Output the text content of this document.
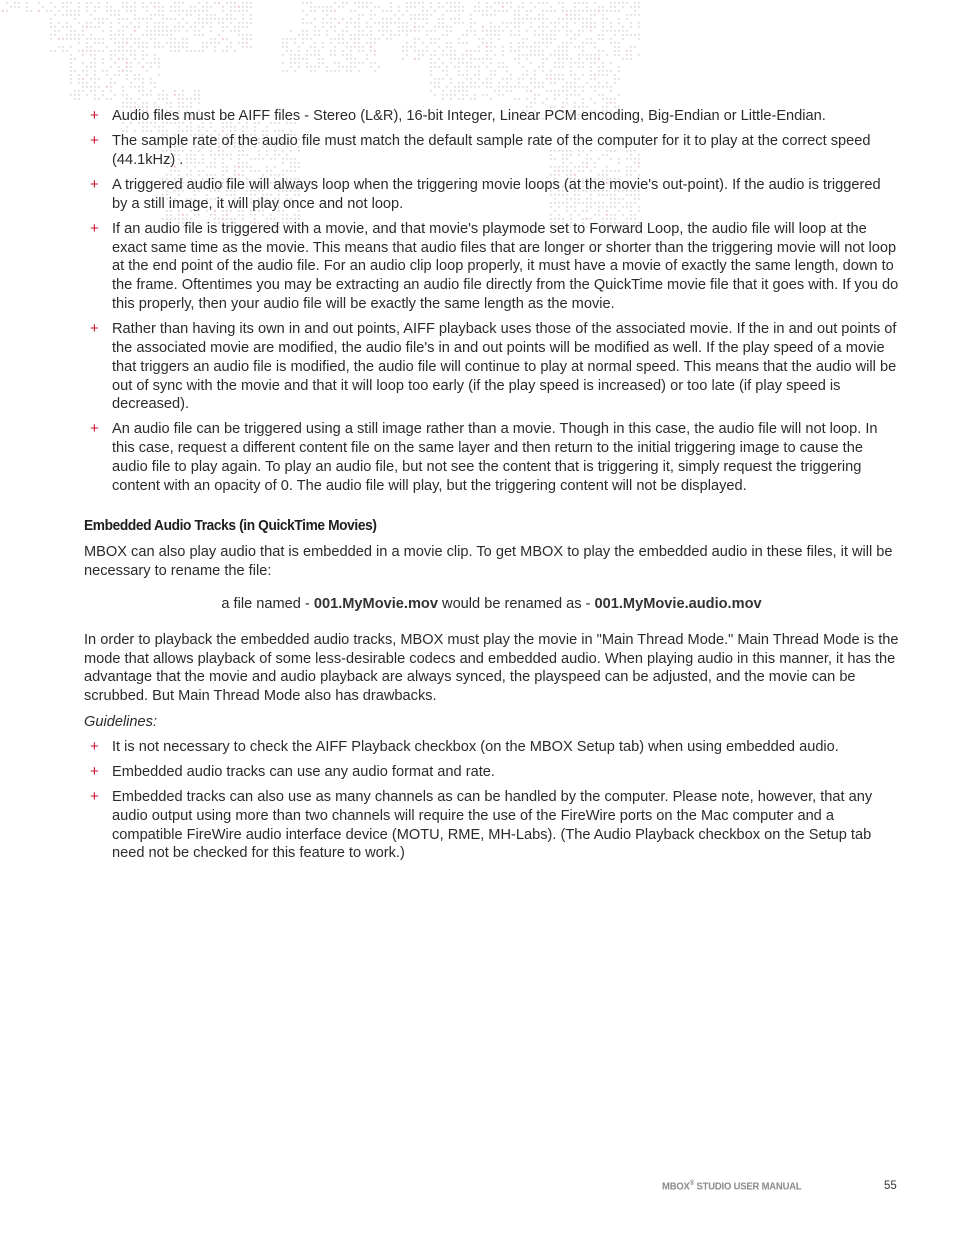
+ Audio files must be AIFF files - Stereo (L&R), 16-bit Integer, Linear PCM encoding, Big-Endian or Little-Endian.
+ The sample rate of the audio file must match the default sample rate of the computer for it to play at the correct speed (44.1kHz) .
+ A triggered audio file will always loop when the triggering movie loops (at the movie's out-point). If the audio is triggered by a still image, it will play once and not loop.
+ If an audio file is triggered with a movie, and that movie's playmode set to Forward Loop, the audio file will loop at the exact same time as the movie. This means that audio files that are longer or shorter than the triggering movie will not loop at the end point of the audio file. For an audio clip loop properly, it must have a movie of exactly the same length, down to the frame. Oftentimes you may be extracting an audio file directly from the QuickTime movie file that it goes with. If you do this properly, then your audio file will be exactly the same length as the movie.
+ Rather than having its own in and out points, AIFF playback uses those of the associated movie. If the in and out points of the associated movie are modified, the audio file's in and out points will be modified as well. If the play speed of a movie that triggers an audio file is modified, the audio file will continue to play at normal speed. This means that the audio will be out of sync with the movie and that it will loop too early (if the play speed is increased) or too late (if play speed is decreased).
+ An audio file can be triggered using a still image rather than a movie. Though in this case, the audio file will not loop. In this case, request a different content file on the same layer and then return to the initial triggering image to cause the audio file to play again. To play an audio file, but not see the content that is triggering it, simply request the triggering content with an opacity of 0. The audio file will play, but the triggering content will not be displayed.
Embedded Audio Tracks (in QuickTime Movies)

MBOX can also play audio that is embedded in a movie clip. To get MBOX to play the embedded audio in these files, it will be necessary to rename the file:

a file named - 001.MyMovie.mov would be renamed as - 001.MyMovie.audio.mov

In order to playback the embedded audio tracks, MBOX must play the movie in "Main Thread Mode." Main Thread Mode is the mode that allows playback of some less-desirable codecs and embedded audio. When playing audio in this manner, it has the advantage that the movie and audio playback are always synced, the playspeed can be adjusted, and the movie can be scrubbed. But Main Thread Mode also has drawbacks.

Guidelines:

+ It is not necessary to check the AIFF Playback checkbox (on the MBOX Setup tab) when using embedded audio.
+ Embedded audio tracks can use any audio format and rate.
+ Embedded tracks can also use as many channels as can be handled by the computer. Please note, however, that any audio output using more than two channels will require the use of the FireWire ports on the Mac computer and a compatible FireWire audio interface device (MOTU, RME, MH-Labs). (The Audio Playback checkbox on the Setup tab need not be checked for this feature to work.)
MBOX® STUDIO USER MANUAL	55
